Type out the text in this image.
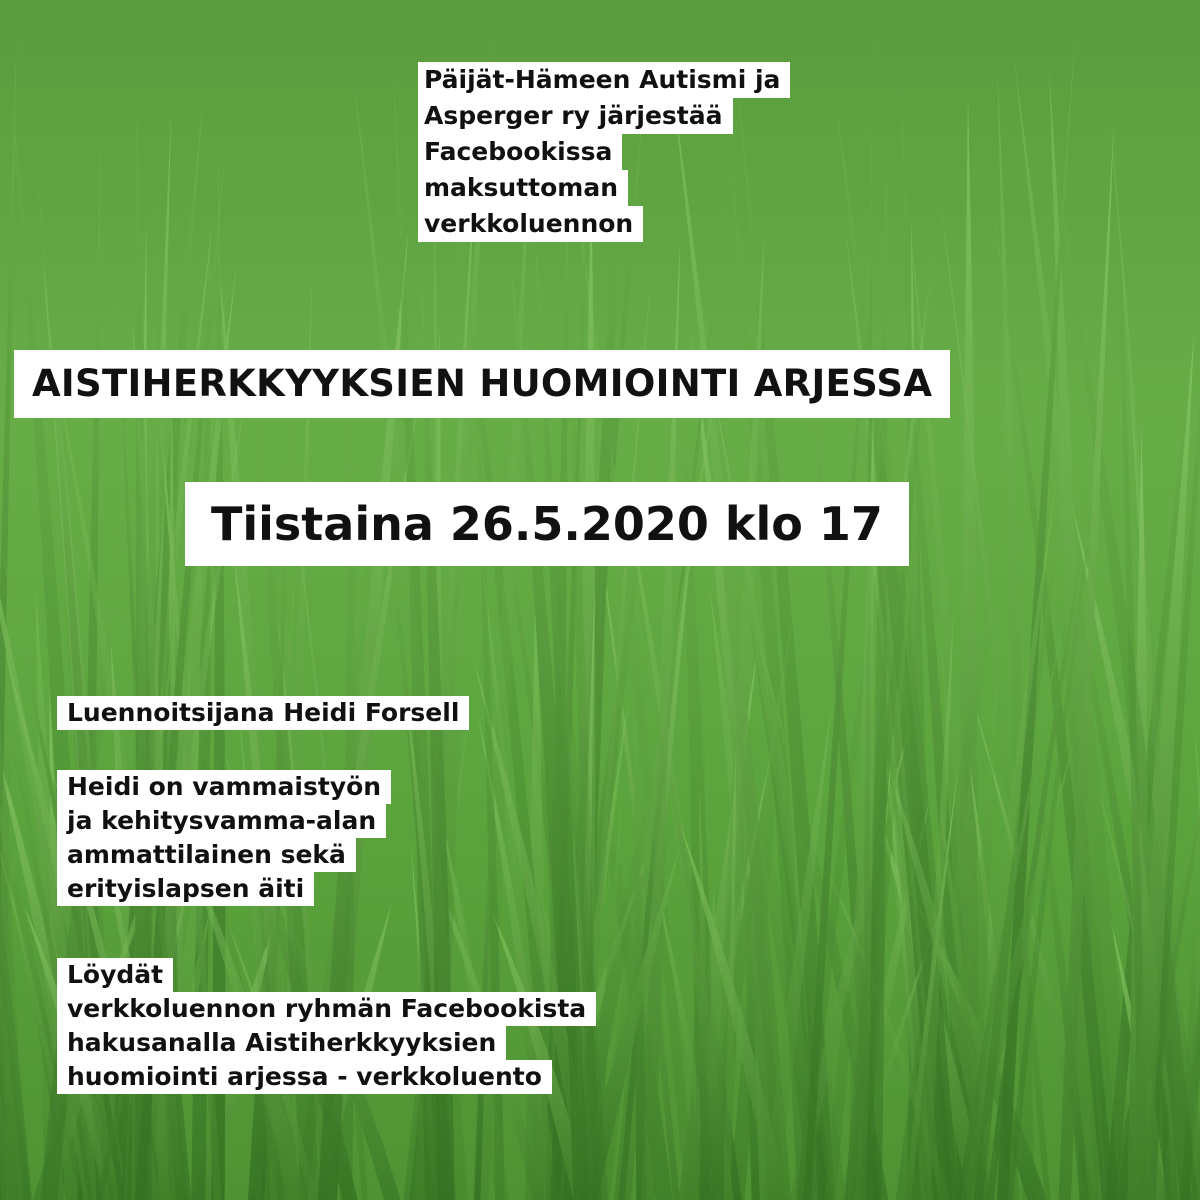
Päijät-Hämeen Autismi ja
Asperger ry järjestää
Facebookissa
maksuttoman
verkkoluennon
AISTIHERKKYYKSIEN HUOMIOINTI ARJESSA
Tiistaina 26.5.2020 klo 17
Luennoitsijana Heidi Forsell
Heidi on vammaistyön
ja kehitysvamma-alan
ammattilainen sekä
erityislapsen äiti
Löydät
verkkoluennon ryhmän Facebookista
hakusanalla Aistiherkkyyksien
huomiointi arjessa - verkkoluento
